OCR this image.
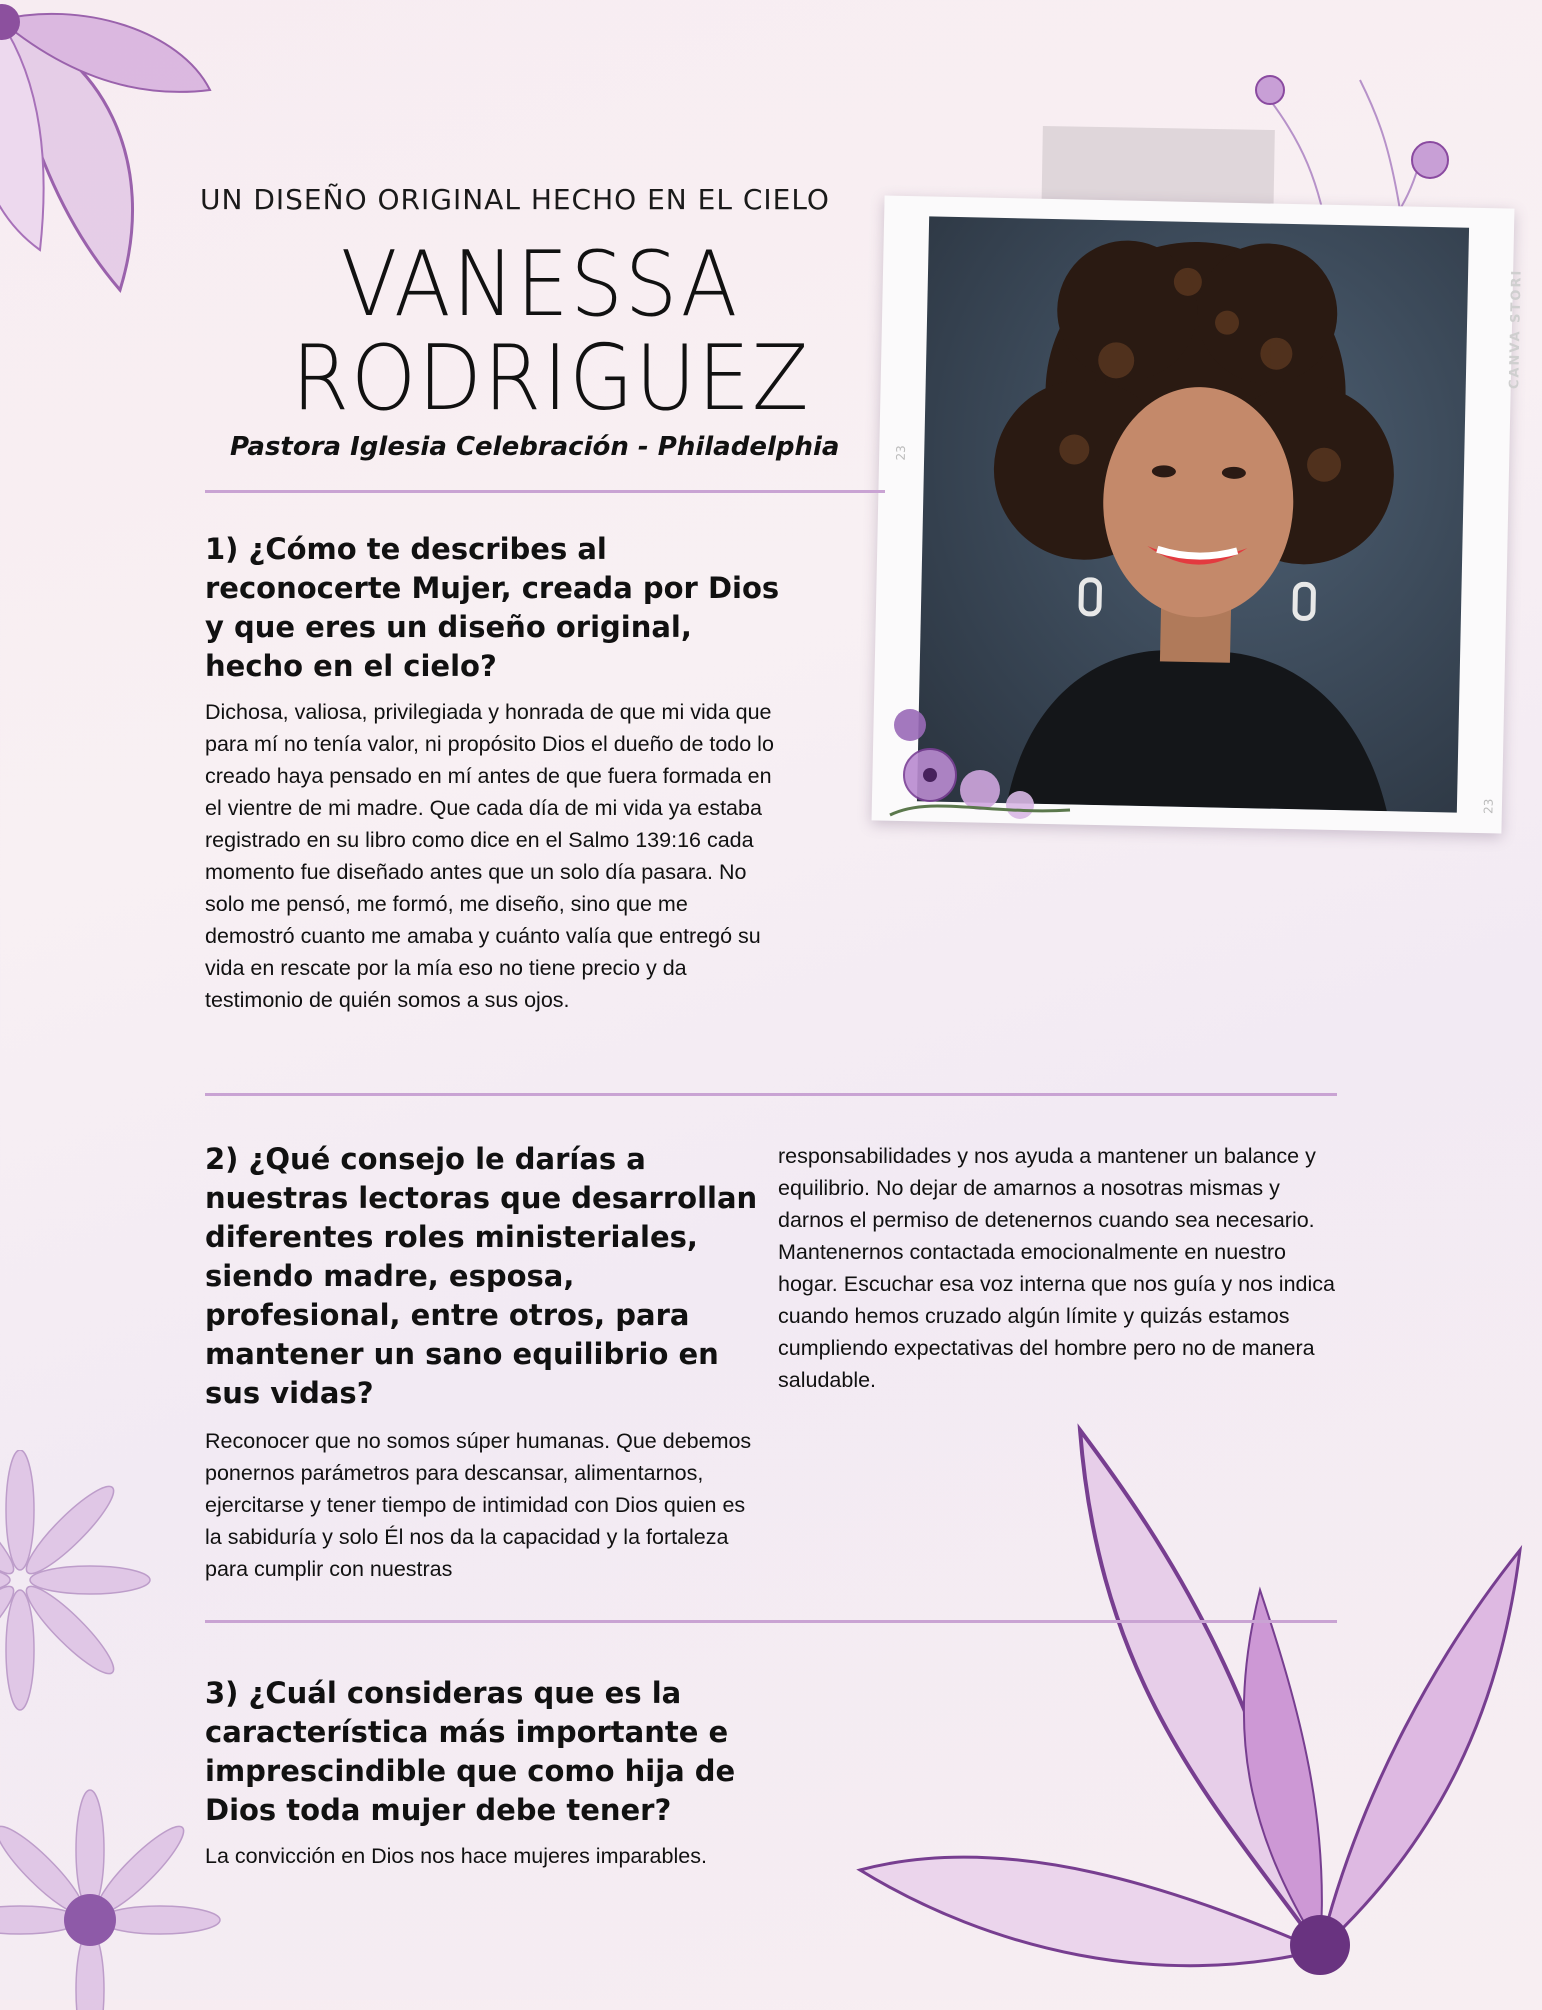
UN DISEÑO ORIGINAL HECHO EN EL CIELO
VANESSA
RODRIGUEZ
Pastora Iglesia Celebración - Philadelphia
CANVA STORI
23
23

1) ¿Cómo te describes al reconocerte Mujer, creada por Dios y que eres un diseño original, hecho en el cielo?

Dichosa, valiosa, privilegiada y honrada de que mi vida que para mí no tenía valor, ni propósito Dios el dueño de todo lo creado haya pensado en mí antes de que fuera formada en el vientre de mi madre. Que cada día de mi vida ya estaba registrado en su libro como dice en el Salmo 139:16 cada momento fue diseñado antes que un solo día pasara. No solo me pensó, me formó, me diseño, sino que me demostró cuanto me amaba y cuánto valía que entregó su vida en rescate por la mía eso no tiene precio y da testimonio de quién somos a sus ojos.

2) ¿Qué consejo le darías a nuestras lectoras que desarrollan diferentes roles ministeriales, siendo madre, esposa, profesional, entre otros, para mantener un sano equilibrio en sus vidas?

Reconocer que no somos súper humanas. Que debemos ponernos parámetros para descansar, alimentarnos, ejercitarse y tener tiempo de intimidad con Dios quien es la sabiduría y solo Él nos da la capacidad y la fortaleza para cumplir con nuestras

responsabilidades y nos ayuda a mantener un balance y equilibrio. No dejar de amarnos a nosotras mismas y darnos el permiso de detenernos cuando sea necesario. Mantenernos contactada emocionalmente en nuestro hogar. Escuchar esa voz interna que nos guía y nos indica cuando hemos cruzado algún límite y quizás estamos cumpliendo expectativas del hombre pero no de manera saludable.

3) ¿Cuál consideras que es la característica más importante e imprescindible que como hija de Dios toda mujer debe tener?

La convicción en Dios nos hace mujeres imparables.
